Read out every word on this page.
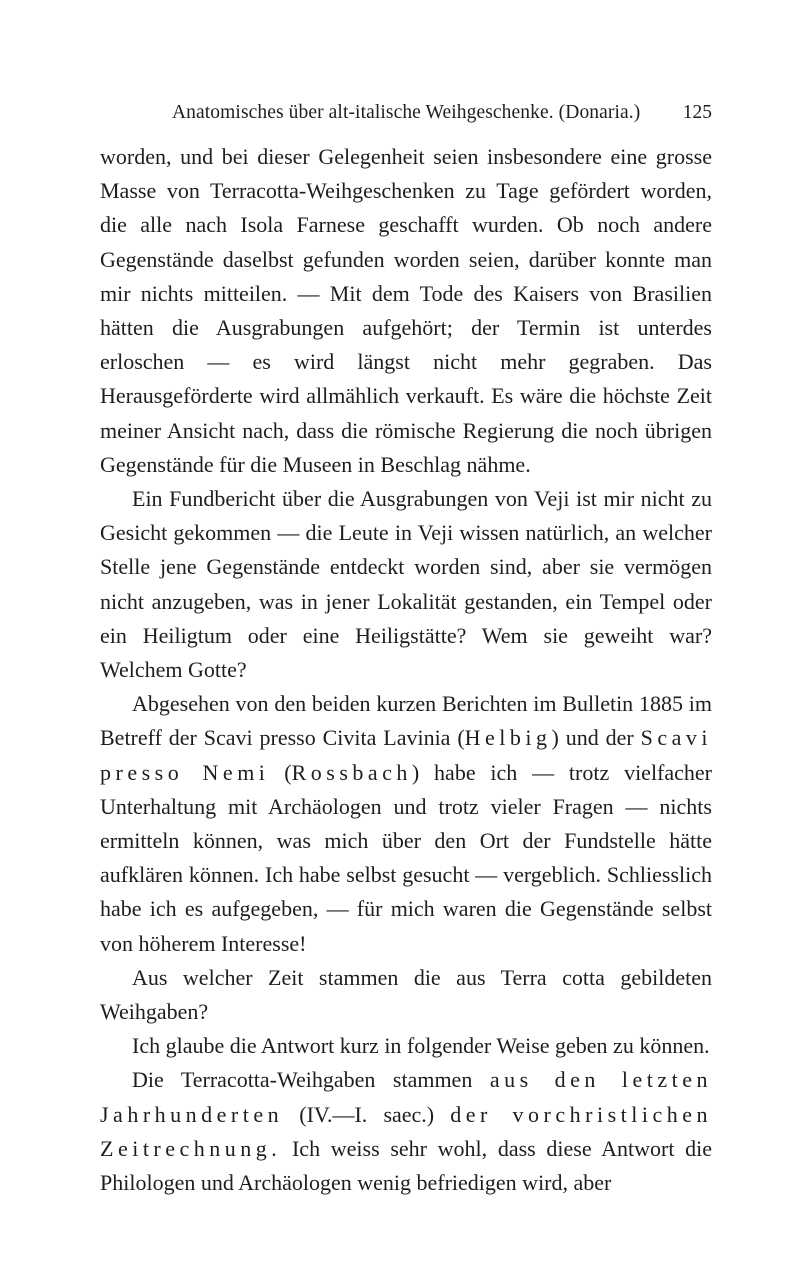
Anatomisches über alt-italische Weihgeschenke. (Donaria.) 125

worden, und bei dieser Gelegenheit seien insbesondere eine grosse Masse von Terracotta-Weihgeschenken zu Tage gefördert worden, die alle nach Isola Farnese geschafft wurden. Ob noch andere Gegenstände daselbst gefunden worden seien, darüber konnte man mir nichts mitteilen. — Mit dem Tode des Kaisers von Brasilien hätten die Ausgrabungen aufgehört; der Termin ist unterdes erloschen — es wird längst nicht mehr gegraben. Das Herausgeförderte wird allmählich verkauft. Es wäre die höchste Zeit meiner Ansicht nach, dass die römische Regierung die noch übrigen Gegenstände für die Museen in Beschlag nähme.

Ein Fundbericht über die Ausgrabungen von Veji ist mir nicht zu Gesicht gekommen — die Leute in Veji wissen natürlich, an welcher Stelle jene Gegenstände entdeckt worden sind, aber sie vermögen nicht anzugeben, was in jener Lokalität gestanden, ein Tempel oder ein Heiligtum oder eine Heiligstätte? Wem sie geweiht war? Welchem Gotte?

Abgesehen von den beiden kurzen Berichten im Bulletin 1885 im Betreff der Scavi presso Civita Lavinia (Helbig) und der Scavi presso Nemi (Rossbach) habe ich — trotz vielfacher Unterhaltung mit Archäologen und trotz vieler Fragen — nichts ermitteln können, was mich über den Ort der Fundstelle hätte aufklären können. Ich habe selbst gesucht — vergeblich. Schliesslich habe ich es aufgegeben, — für mich waren die Gegenstände selbst von höherem Interesse!

Aus welcher Zeit stammen die aus Terra cotta gebildeten Weihgaben?

Ich glaube die Antwort kurz in folgender Weise geben zu können.

Die Terracotta-Weihgaben stammen aus den letzten Jahrhunderten (IV.—I. saec.) der vorchristlichen Zeitrechnung. Ich weiss sehr wohl, dass diese Antwort die Philologen und Archäologen wenig befriedigen wird, aber
